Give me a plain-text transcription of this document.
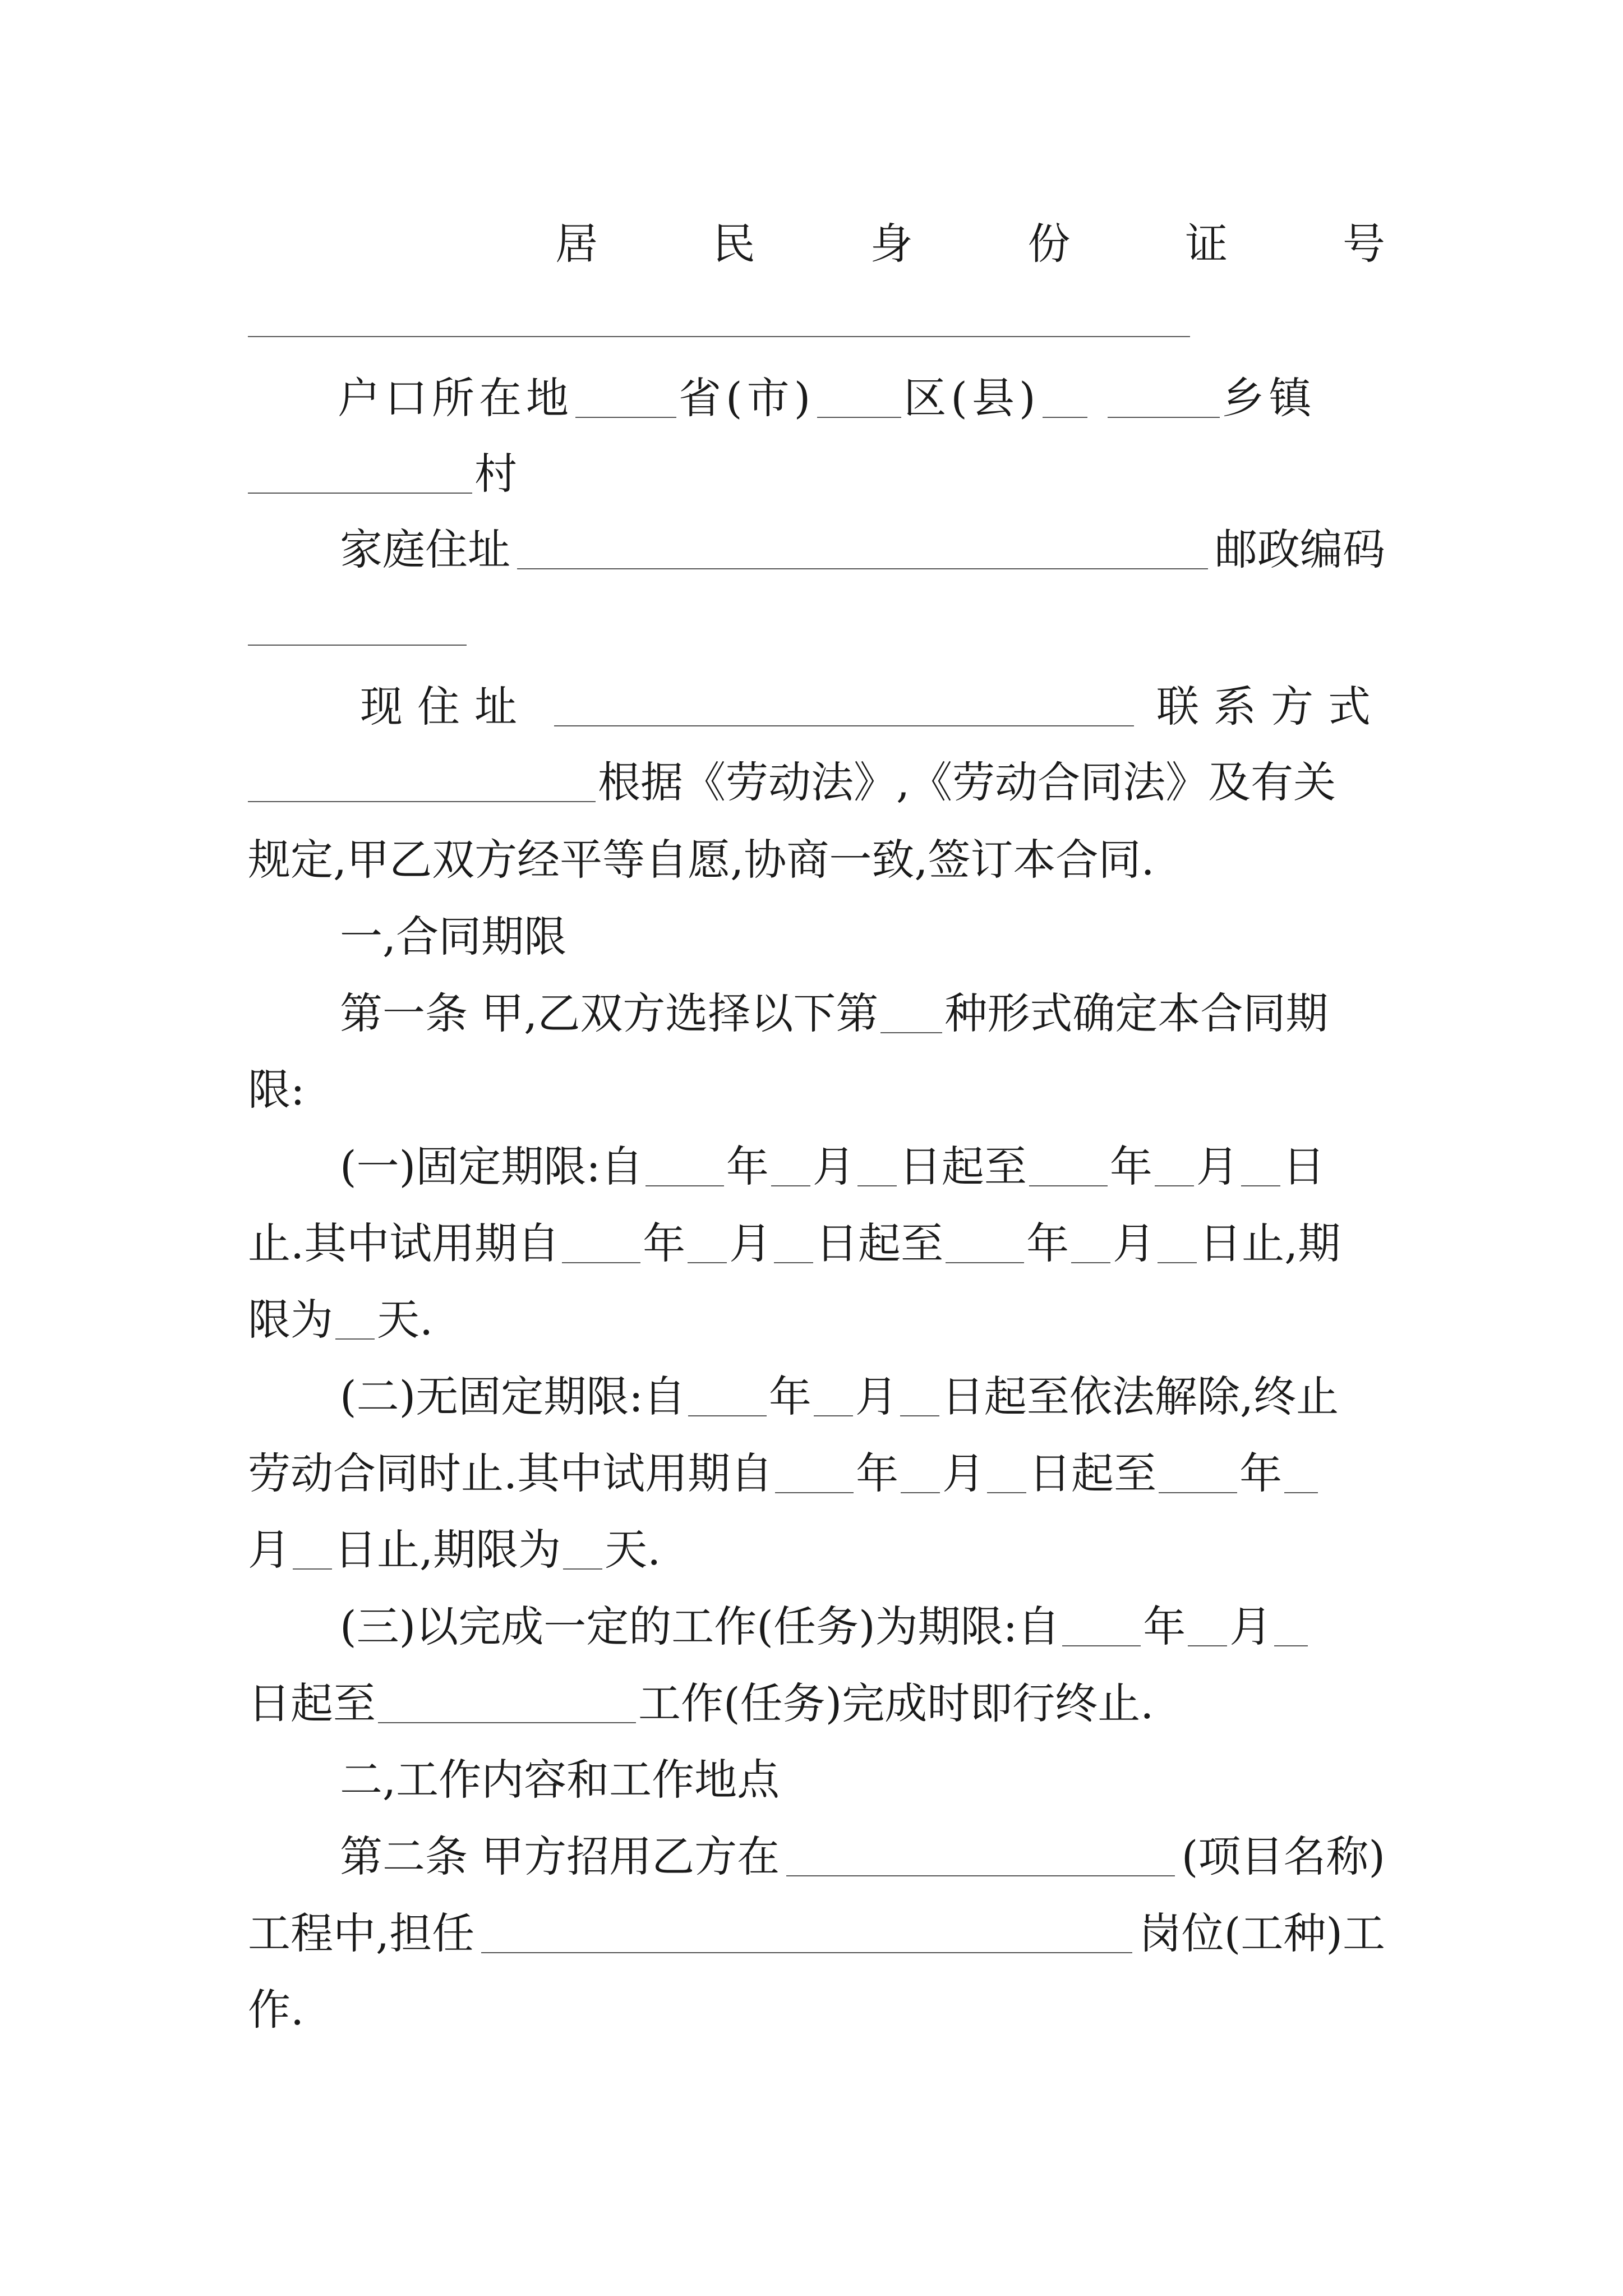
居	民	身	份	证	号
户口所在地 省(市) 区(县)	乡镇
村
家庭住址	邮政编码
现住址	联系方式
根据《劳动法》,《劳动合同法》及有关
规定,甲乙双方经平等自愿,协商一致,签订本合同.
一,合同期限
第一条 甲,乙双方选择以下第 种形式确定本合同期
限:
(一)固定期限:自 年 月 日起至 年 月 日
止. 其中试用期自 年 月 日起至 年 月 日止, 期
限为 天.
(二)无固定期限:自 年 月 日起至依法解除,终止
劳动合同时止.其中试用期自 年 月 日起至 年
月 日止,期限为 天.
(三)以完成一定的工作(任务)为期限:自 年 月
日起至	工作(任务)完成时即行终止.
二,工作内容和工作地点
第二条 甲方招用乙方在	(项目名称)
工程中,担任	岗位(工种)工
作.
